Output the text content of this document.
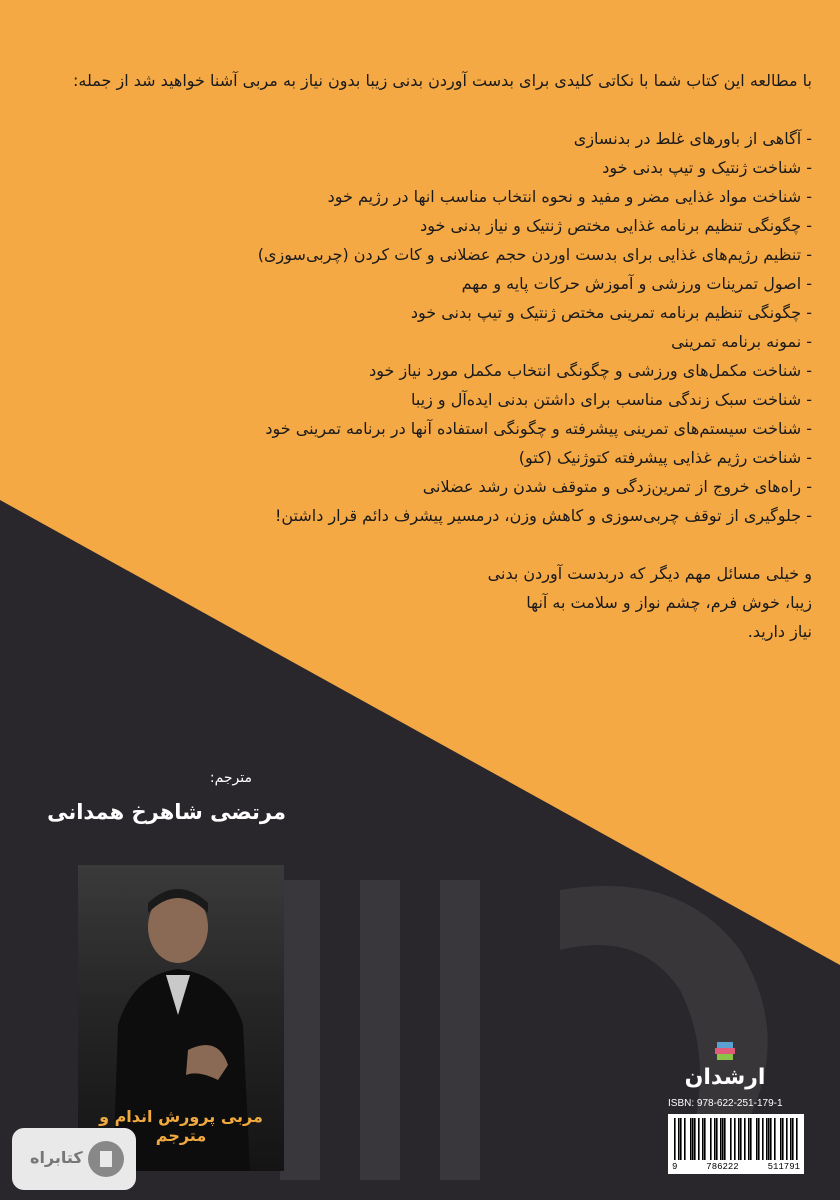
با مطالعه این کتاب شما با نکاتی کلیدی برای بدست آوردن بدنی زیبا بدون نیاز به مربی آشنا خواهید شد از جمله:

- آگاهی از باورهای غلط در بدنسازی
- شناخت ژنتیک و تیپ بدنی خود
- شناخت مواد غذایی مضر و مفید و نحوه انتخاب مناسب انها در رژیم خود
- چگونگی تنظیم برنامه غذایی مختص ژنتیک و نیاز بدنی خود
- تنظیم رژیم‌های غذایی برای بدست اوردن حجم عضلانی و کات کردن (چربی‌سوزی)
- اصول تمرینات ورزشی و آموزش حرکات پایه و مهم
- چگونگی تنظیم برنامه تمرینی مختص ژنتیک و تیپ بدنی خود
- نمونه برنامه تمرینی
- شناخت مکمل‌های ورزشی و چگونگی انتخاب مکمل مورد نیاز خود
- شناخت سبک زندگی مناسب برای داشتن بدنی ایده‌آل و زیبا
- شناخت سیستم‌های تمرینی پیشرفته و چگونگی استفاده آنها در برنامه تمرینی خود
- شناخت رژیم غذایی پیشرفته کتوژنیک (کتو)
- راه‌های خروج از تمرین‌زدگی و متوقف شدن رشد عضلانی
- جلوگیری از توقف چربی‌سوزی و کاهش وزن، درمسیر پیشرف دائم قرار داشتن!
و خیلی مسائل مهم دیگر که دربدست آوردن بدنی
زیبا، خوش فرم، چشم نواز و سلامت به آنها
نیاز دارید.
مترجم:
مرتضی شاهرخ همدانی
مربی پرورش اندام و مترجم
ارشدان
ISBN: 978-622-251-179-1
9	786222	511791
کتابراه
